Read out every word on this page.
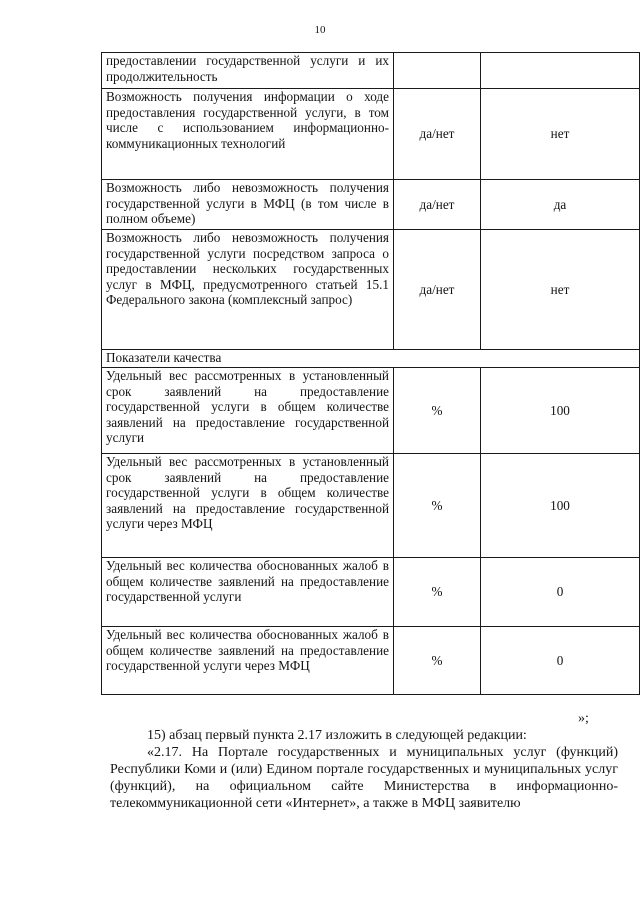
10
предоставлении государственной услуги и их продолжительность		
Возможность получения информации о ходе предоставления государственной услуги, в том числе с использованием информационно-коммуникационных технологий	да/нет	нет
Возможность либо невозможность получения государственной услуги в МФЦ (в том числе в полном объеме)	да/нет	да
Возможность либо невозможность получения государственной услуги посредством запроса о предоставлении нескольких государственных услуг в МФЦ, предусмотренного статьей 15.1 Федерального закона (комплексный запрос)	да/нет	нет
Показатели качества		
Удельный вес рассмотренных в установленный срок заявлений на предоставление государственной услуги в общем количестве заявлений на предоставление государственной услуги	%	100
Удельный вес рассмотренных в установленный срок заявлений на предоставление государственной услуги в общем количестве заявлений на предоставление государственной услуги через МФЦ	%	100
Удельный вес количества обоснованных жалоб в общем количестве заявлений на предоставление государственной услуги	%	0
Удельный вес количества обоснованных жалоб в общем количестве заявлений на предоставление государственной услуги через МФЦ	%	0
»;
15) абзац первый пункта 2.17 изложить в следующей редакции:
«2.17. На Портале государственных и муниципальных услуг (функций) Республики Коми и (или) Едином портале государственных и муниципальных услуг (функций), на официальном сайте Министерства в информационно-телекоммуникационной сети «Интернет», а также в МФЦ заявителю
